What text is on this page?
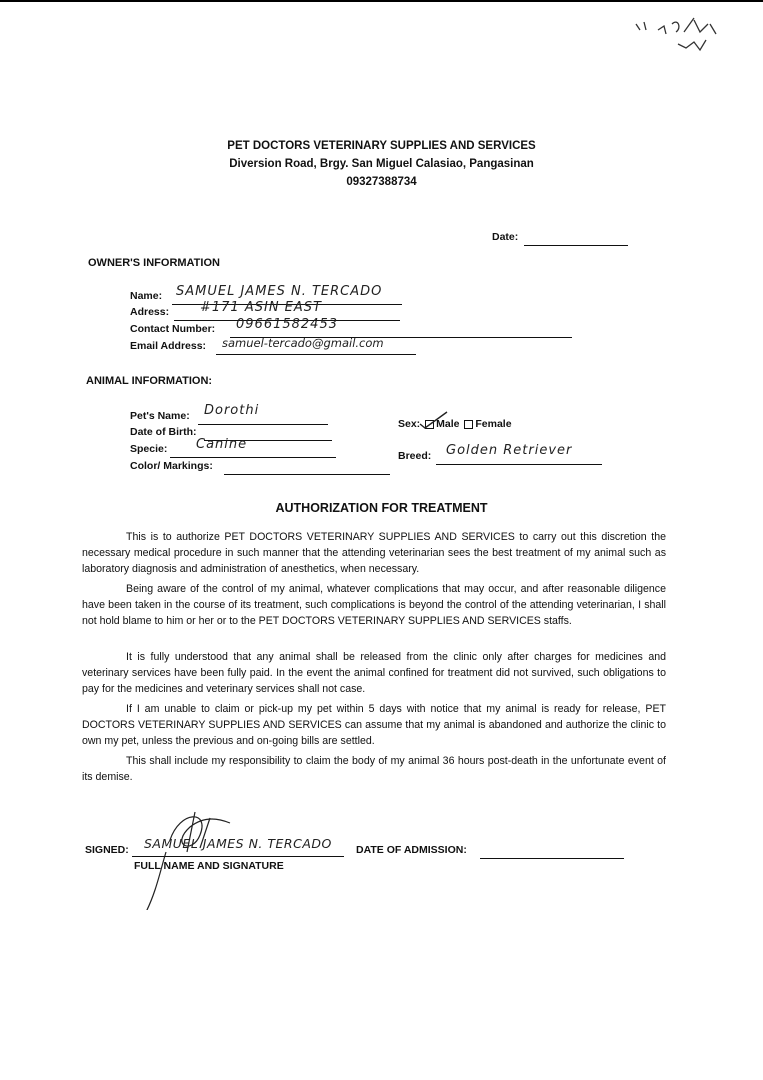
PET DOCTORS VETERINARY SUPPLIES AND SERVICES
Diversion Road, Brgy. San Miguel Calasiao, Pangasinan
09327388734
Date:
OWNER'S INFORMATION
Name: SAMUEL JAMES N. TERCADO
Adress: #171 ASIN EAST
Contact Number: 09661582453
Email Address: samuel-tercado@gmail.com
ANIMAL INFORMATION:
Pet's Name: Dorothi
Date of Birth:
Specie: Canine
Color/ Markings:
Sex: Male Female
Breed: Golden Retriever
AUTHORIZATION FOR TREATMENT

This is to authorize PET DOCTORS VETERINARY SUPPLIES AND SERVICES to carry out this discretion the necessary medical procedure in such manner that the attending veterinarian sees the best treatment of my animal such as laboratory diagnosis and administration of anesthetics, when necessary.

Being aware of the control of my animal, whatever complications that may occur, and after reasonable diligence have been taken in the course of its treatment, such complications is beyond the control of the attending veterinarian, I shall not hold blame to him or her or to the PET DOCTORS VETERINARY SUPPLIES AND SERVICES staffs.

It is fully understood that any animal shall be released from the clinic only after charges for medicines and veterinary services have been fully paid. In the event the animal confined for treatment did not survived, such obligations to pay for the medicines and veterinary services shall not case.

If I am unable to claim or pick-up my pet within 5 days with notice that my animal is ready for release, PET DOCTORS VETERINARY SUPPLIES AND SERVICES can assume that my animal is abandoned and authorize the clinic to own my pet, unless the previous and on-going bills are settled.

This shall include my responsibility to claim the body of my animal 36 hours post-death in the unfortunate event of its demise.

SIGNED: SAMUEL JAMES N. TERCADO DATE OF ADMISSION:
FULL NAME AND SIGNATURE
